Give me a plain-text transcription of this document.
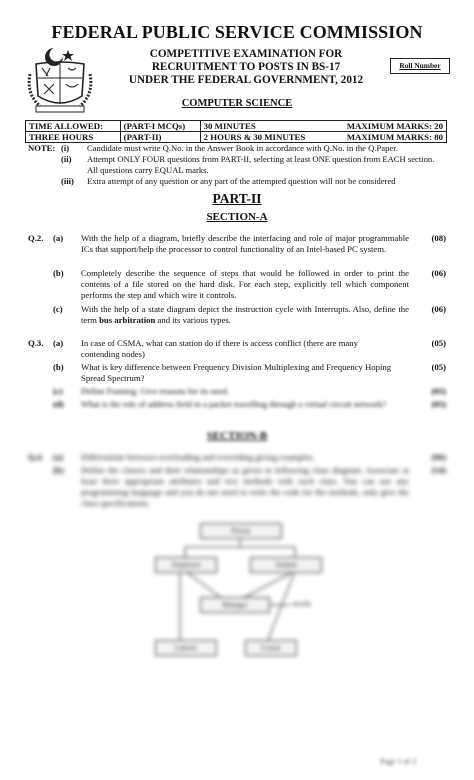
FEDERAL PUBLIC SERVICE COMMISSION
COMPETITIVE EXAMINATION FOR
RECRUITMENT TO POSTS IN BS-17
UNDER THE FEDERAL GOVERNMENT, 2012
Roll Number
COMPUTER SCIENCE
TIME ALLOWED:	(PART-I MCQs)	30 MINUTES	MAXIMUM MARKS: 20
THREE HOURS	(PART-II)	2 HOURS & 30 MINUTES	MAXIMUM MARKS: 80
NOTE: (i) Candidate must write Q.No. in the Answer Book in accordance with Q.No. in the Q.Paper.
(ii) Attempt ONLY FOUR questions from PART-II, selecting at least ONE question from EACH section. All questions carry EQUAL marks.
(iii) Extra attempt of any question or any part of the attempted question will not be considered
PART-II
SECTION-A
Q.2. (a) With the help of a diagram, briefly describe the interfacing and role of major programmable ICs that support/help the processor to control functionality of an Intel-based PC system.
(08)
(b) Completely describe the sequence of steps that would be followed in order to print the contents of a file stored on the hard disk. For each step, explicitly tell which component performs the step and which wire it controls.
(06)
(c) With the help of a state diagram depict the instruction cycle with Interrupts. Also, define the term bus arbitration and its various types.
(06)
Q.3. (a) In case of CSMA, what can station do if there is access conflict (there are many contending nodes)
(05)
(b) What is key difference between Frequency Division Multiplexing and Frequency Hoping Spread Spectrum?
(05)
(c) Define Framing. Give reasons for its need.	(05)
(d) What is the role of address field in a packet travelling through a virtual circuit network?	(05)
SECTION-B
Q.4. (a) Differentiate between overloading and overriding giving examples.	(06)
(b) Define the classes and their relationships as given in following class diagram. Associate at least three appropriate attributes and two methods with each class. You can use any programming language and you do not need to write the code for the methods, only give the class specifications.
(14)
Person
Employee	Student
Manager	enrolls
Laborer	Course
Page 1 of 2
